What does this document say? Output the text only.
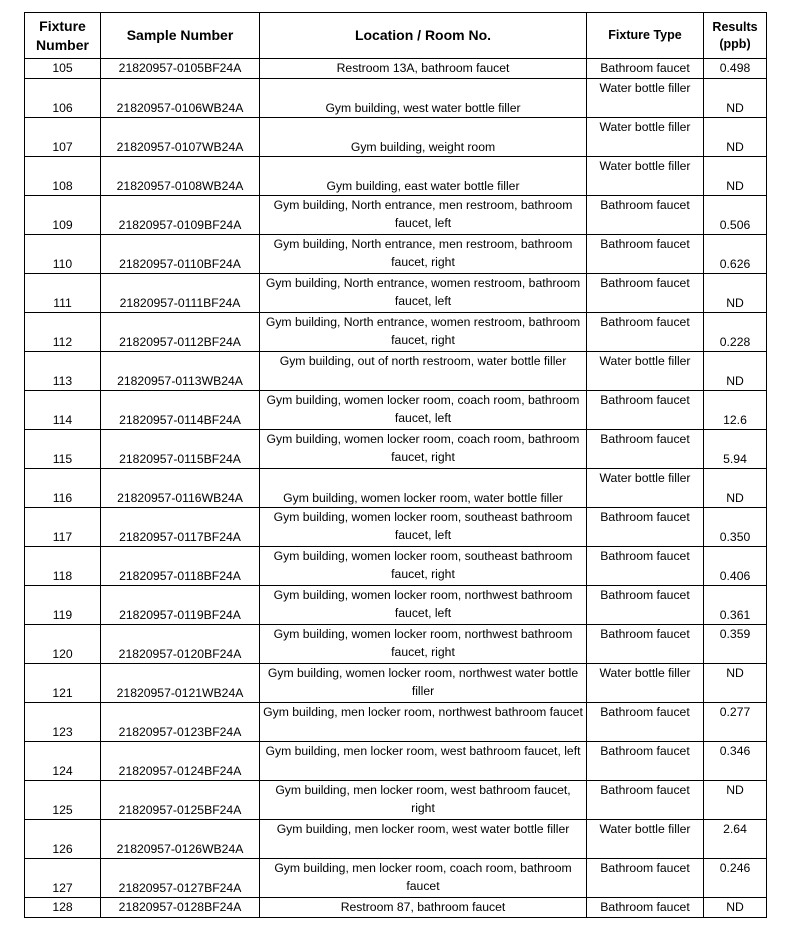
Fixture Number	Sample Number	Location / Room No.	Fixture Type	Results (ppb)
105	21820957-0105BF24A	Restroom 13A, bathroom faucet	Bathroom faucet	0.498
106	21820957-0106WB24A	Gym building, west water bottle filler	Water bottle filler	ND
107	21820957-0107WB24A	Gym building, weight room	Water bottle filler	ND
108	21820957-0108WB24A	Gym building, east water bottle filler	Water bottle filler	ND
109	21820957-0109BF24A	Gym building, North entrance, men restroom, bathroom faucet, left	Bathroom faucet	0.506
110	21820957-0110BF24A	Gym building, North entrance, men restroom, bathroom faucet, right	Bathroom faucet	0.626
111	21820957-0111BF24A	Gym building, North entrance, women restroom, bathroom faucet, left	Bathroom faucet	ND
112	21820957-0112BF24A	Gym building, North entrance, women restroom, bathroom faucet, right	Bathroom faucet	0.228
113	21820957-0113WB24A	Gym building, out of north restroom, water bottle filler	Water bottle filler	ND
114	21820957-0114BF24A	Gym building, women locker room, coach room, bathroom faucet, left	Bathroom faucet	12.6
115	21820957-0115BF24A	Gym building, women locker room, coach room, bathroom faucet, right	Bathroom faucet	5.94
116	21820957-0116WB24A	Gym building, women locker room, water bottle filler	Water bottle filler	ND
117	21820957-0117BF24A	Gym building, women locker room, southeast bathroom faucet, left	Bathroom faucet	0.350
118	21820957-0118BF24A	Gym building, women locker room, southeast bathroom faucet, right	Bathroom faucet	0.406
119	21820957-0119BF24A	Gym building, women locker room, northwest bathroom faucet, left	Bathroom faucet	0.361
120	21820957-0120BF24A	Gym building, women locker room, northwest bathroom faucet, right	Bathroom faucet	0.359
121	21820957-0121WB24A	Gym building, women locker room, northwest water bottle filler	Water bottle filler	ND
123	21820957-0123BF24A	Gym building, men locker room, northwest bathroom faucet	Bathroom faucet	0.277
124	21820957-0124BF24A	Gym building, men locker room, west bathroom faucet, left	Bathroom faucet	0.346
125	21820957-0125BF24A	Gym building, men locker room, west bathroom faucet, right	Bathroom faucet	ND
126	21820957-0126WB24A	Gym building, men locker room, west water bottle filler	Water bottle filler	2.64
127	21820957-0127BF24A	Gym building, men locker room, coach room, bathroom faucet	Bathroom faucet	0.246
128	21820957-0128BF24A	Restroom 87, bathroom faucet	Bathroom faucet	ND
